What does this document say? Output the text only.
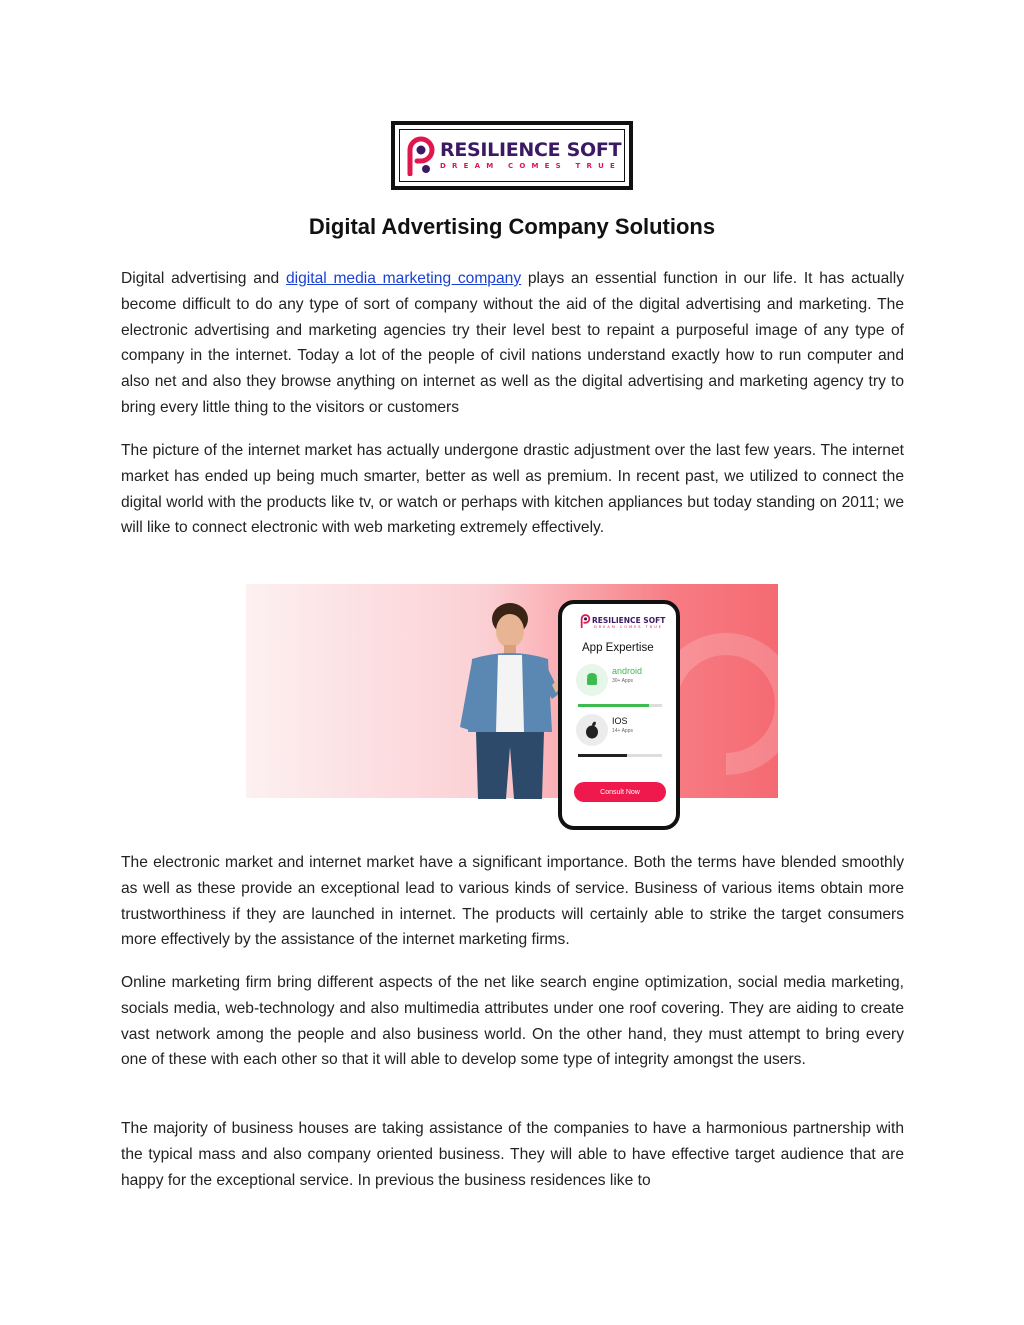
RESILIENCE SOFT
DREAM COMES TRUE
Digital Advertising Company Solutions

Digital advertising and digital media marketing company plays an essential function in our life. It has actually become difficult to do any type of sort of company without the aid of the digital advertising and marketing. The electronic advertising and marketing agencies try their level best to repaint a purposeful image of any type of company in the internet. Today a lot of the people of civil nations understand exactly how to run computer and also net and also they browse anything on internet as well as the digital advertising and marketing agency try to bring every little thing to the visitors or customers

The picture of the internet market has actually undergone drastic adjustment over the last few years. The internet market has ended up being much smarter, better as well as premium. In recent past, we utilized to connect the digital world with the products like tv, or watch or perhaps with kitchen appliances but today standing on 2011; we will like to connect electronic with web marketing extremely effectively.

RESILIENCE SOFT
DREAM COMES TRUE
App Expertise
android
30+ Apps
IOS
14+ Apps
Consult Now

The electronic market and internet market have a significant importance. Both the terms have blended smoothly as well as these provide an exceptional lead to various kinds of service. Business of various items obtain more trustworthiness if they are launched in internet. The products will certainly able to strike the target consumers more effectively by the assistance of the internet marketing firms.

Online marketing firm bring different aspects of the net like search engine optimization, social media marketing, socials media, web-technology and also multimedia attributes under one roof covering. They are aiding to create vast network among the people and also business world. On the other hand, they must attempt to bring every one of these with each other so that it will able to develop some type of integrity amongst the users.

The majority of business houses are taking assistance of the companies to have a harmonious partnership with the typical mass and also company oriented business. They will able to have effective target audience that are happy for the exceptional service. In previous the business residences like to
